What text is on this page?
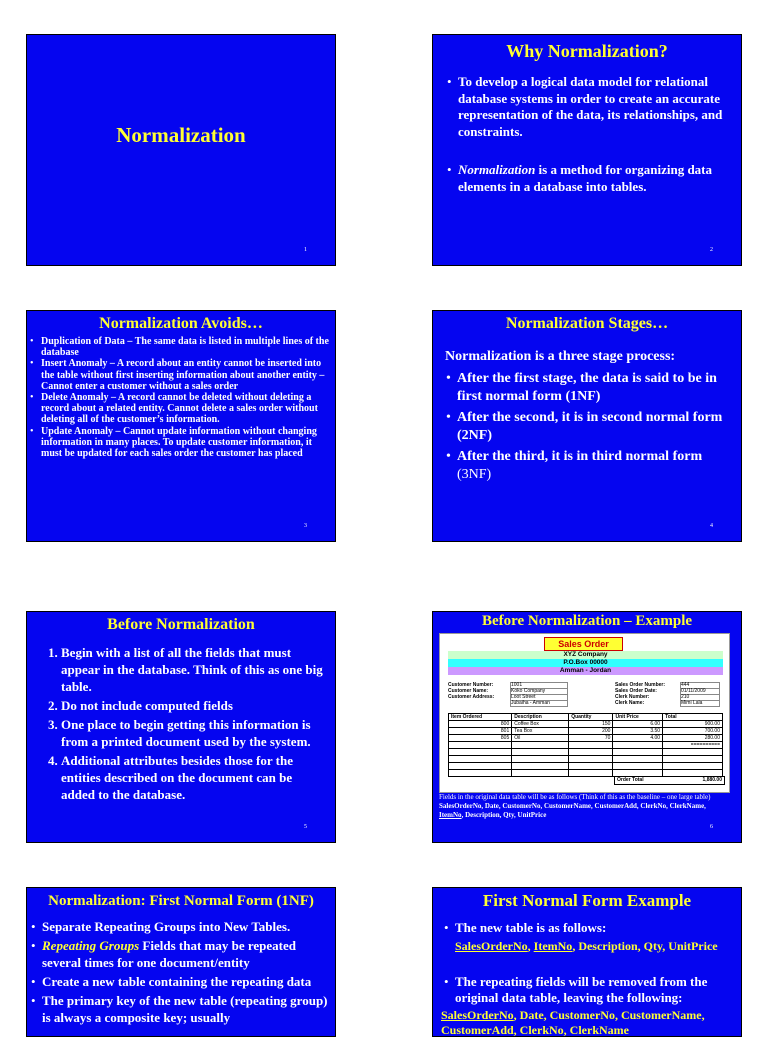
Normalization
1
Why Normalization?
• To develop a logical data model for relational database systems in order to create an accurate representation of the data, its relationships, and constraints.
• Normalization is a method for organizing data elements in a database into tables.
2
Normalization Avoids…
• Duplication of Data – The same data is listed in multiple lines of the database
• Insert Anomaly – A record about an entity cannot be inserted into the table without first inserting information about another entity – Cannot enter a customer without a sales order
• Delete Anomaly – A record cannot be deleted without deleting a record about a related entity. Cannot delete a sales order without deleting all of the customer’s information.
• Update Anomaly – Cannot update information without changing information in many places. To update customer information, it must be updated for each sales order the customer has placed
3
Normalization Stages…
Normalization is a three stage process:
• After the first stage, the data is said to be in first normal form (1NF)
• After the second, it is in second normal form (2NF)
• After the third, it is in third normal form (3NF)
4
Before Normalization
1. Begin with a list of all the fields that must appear in the database. Think of this as one big table.
2. Do not include computed fields
3. One place to begin getting this information is from a printed document used by the system.
4. Additional attributes besides those for the entities described on the document can be added to the database.
5
Before Normalization – Example
Sales Order
XYZ Company
P.O.Box 00000
Amman - Jordan
Customer Number:	1001
Customer Name:	Koko Company
Customer Address:	Loot Street
Jubaiha - Amman
Sales Order Number:	444
Sales Order Date:	01/11/2009
Clerk Number:	210
Clerk Name:	Mimi Lala
Item Ordered	Description	Quantity	Unit Price	Total
800	Coffee Box	150	6.00	900.00
801	Tea Box	200	3.50	700.00
805	Oil	70	4.00	280.00
				==========

Order Total	1,880.00
Fields in the original data table will be as follows (Think of this as the baseline – one large table)
SalesOrderNo, Date, CustomerNo, CustomerName, CustomerAdd, ClerkNo, ClerkName,
ItemNo, Description, Qty, UnitPrice
6
Normalization: First Normal Form (1NF)
• Separate Repeating Groups into New Tables.
• Repeating Groups Fields that may be repeated several times for one document/entity
• Create a new table containing the repeating data
• The primary key of the new table (repeating group) is always a composite key; usually
First Normal Form Example
• The new table is as follows:
SalesOrderNo, ItemNo, Description, Qty, UnitPrice
• The repeating fields will be removed from the original data table, leaving the following:
SalesOrderNo, Date, CustomerNo, CustomerName, CustomerAdd, ClerkNo, ClerkName
